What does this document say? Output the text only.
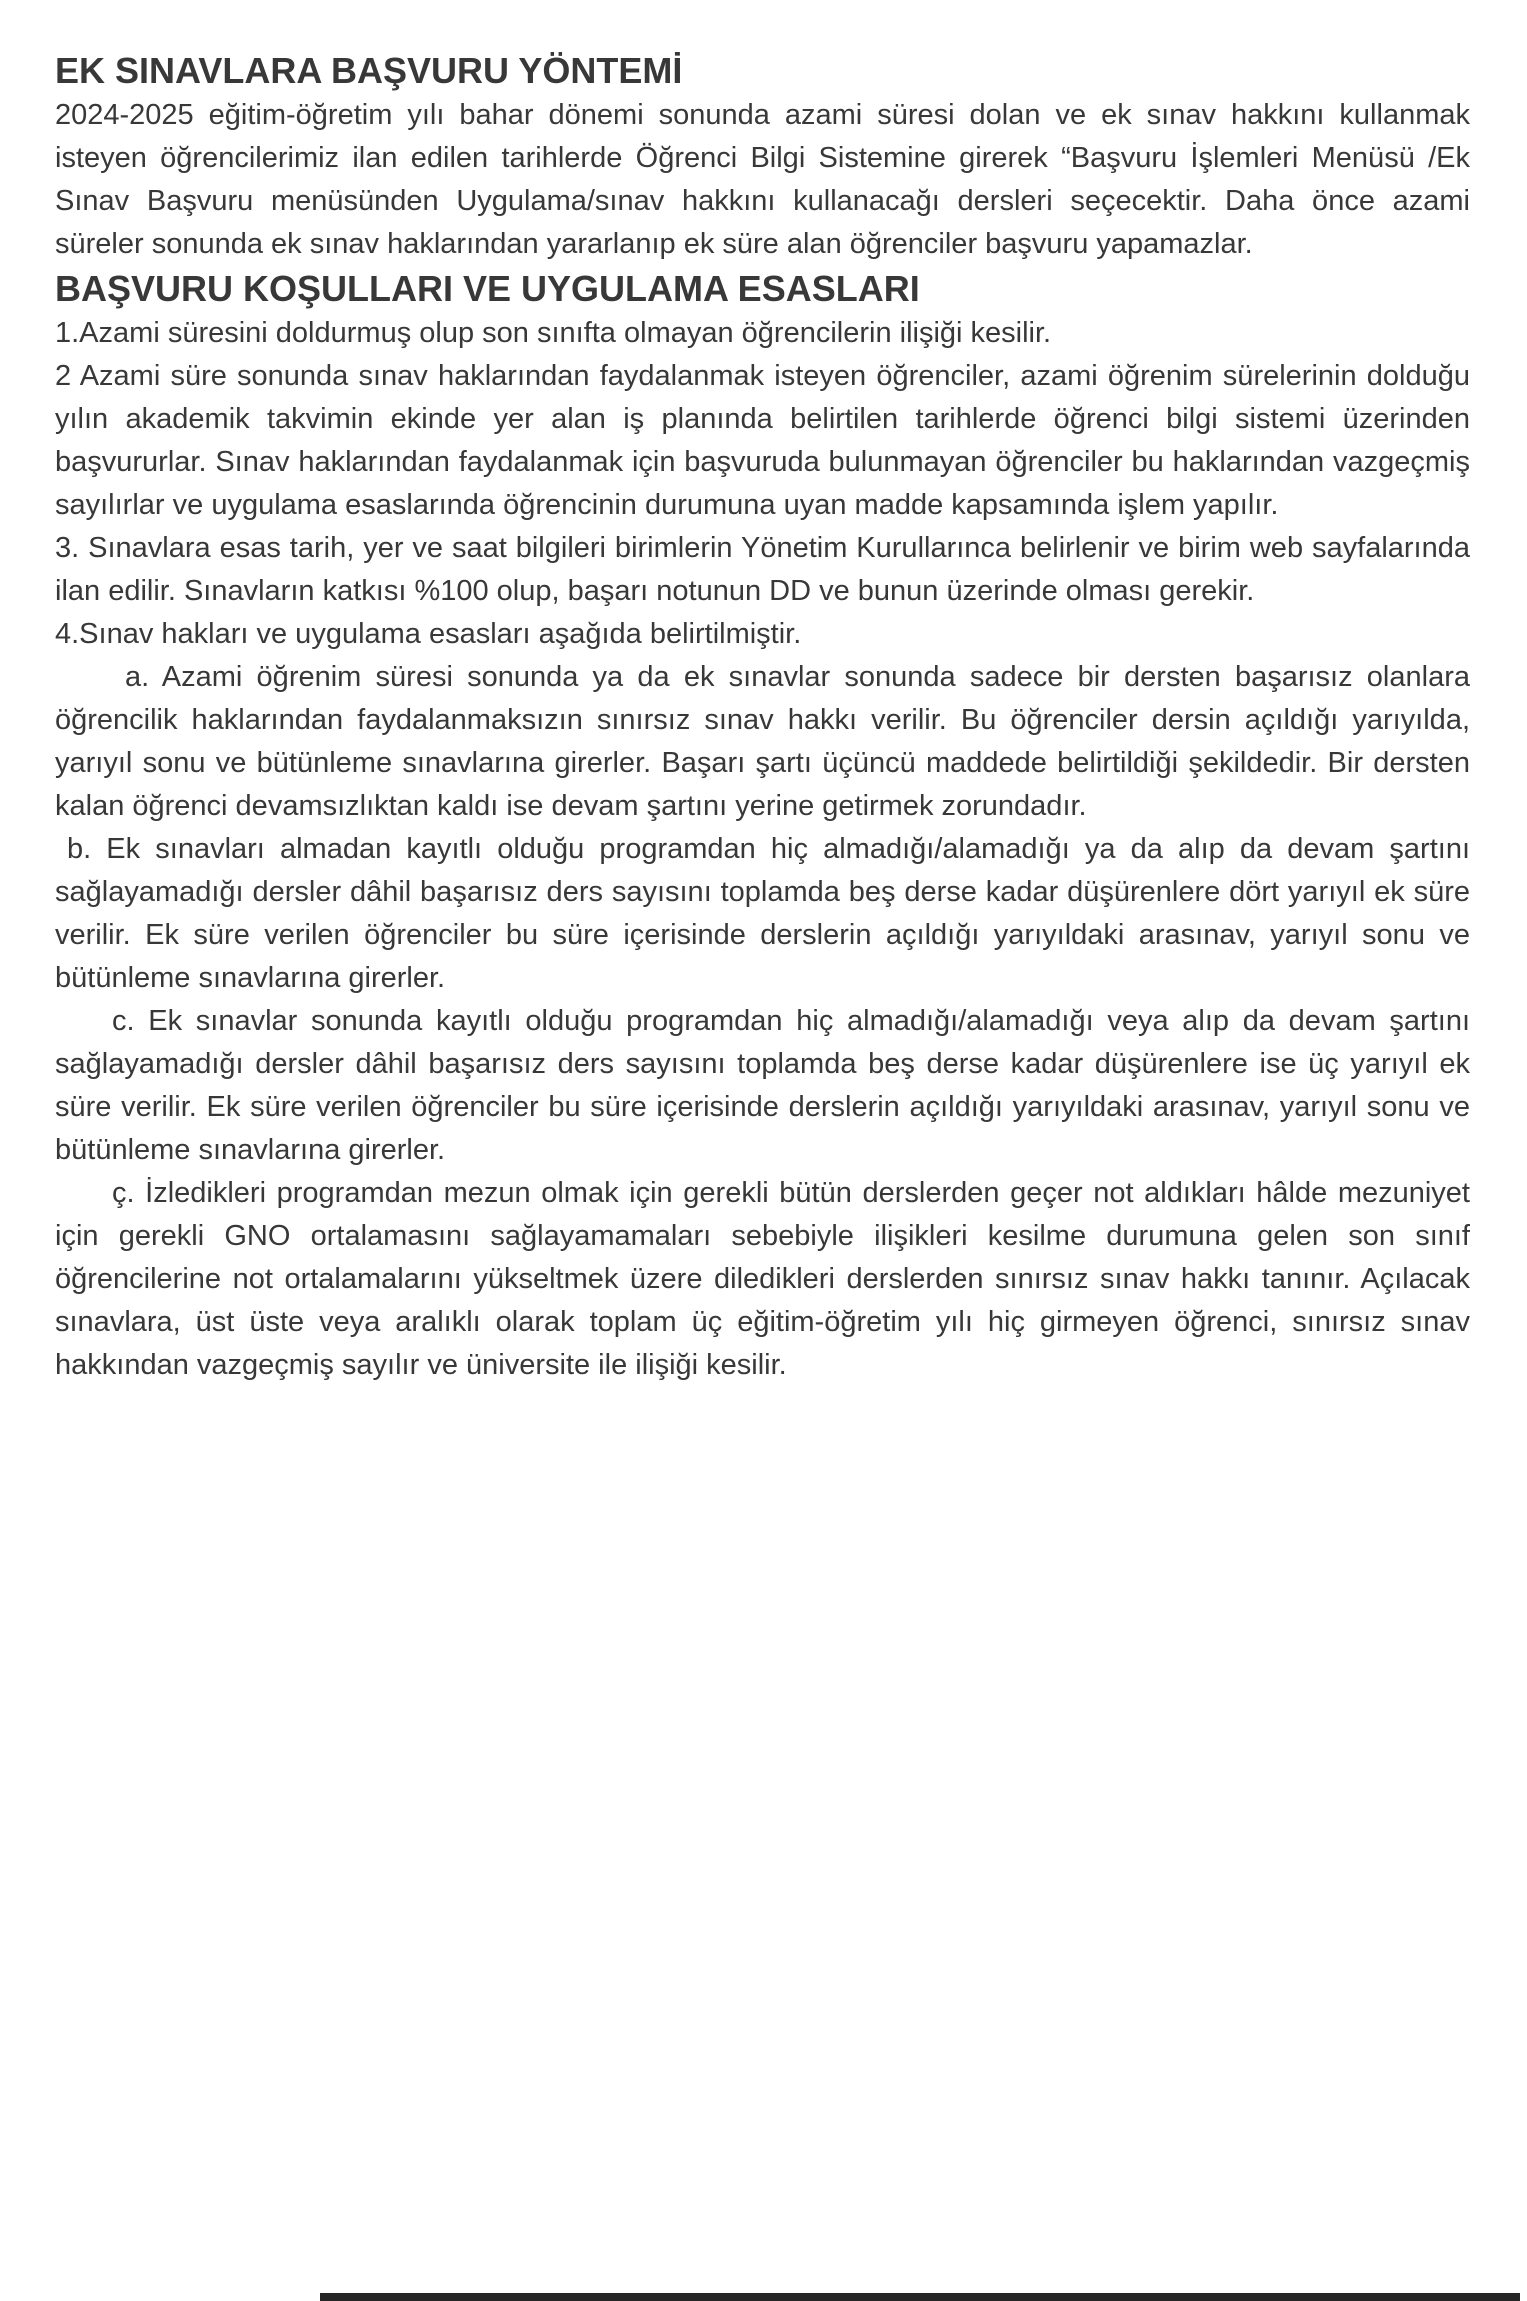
EK SINAVLARA BAŞVURU YÖNTEMİ

2024-2025 eğitim-öğretim yılı bahar dönemi sonunda azami süresi dolan ve ek sınav hakkını kullanmak isteyen öğrencilerimiz ilan edilen tarihlerde Öğrenci Bilgi Sistemine girerek “Başvuru İşlemleri Menüsü /Ek Sınav Başvuru menüsünden Uygulama/sınav hakkını kullanacağı dersleri seçecektir. Daha önce azami süreler sonunda ek sınav haklarından yararlanıp ek süre alan öğrenciler başvuru yapamazlar.

BAŞVURU KOŞULLARI VE UYGULAMA ESASLARI

1.Azami süresini doldurmuş olup son sınıfta olmayan öğrencilerin ilişiği kesilir.

2 Azami süre sonunda sınav haklarından faydalanmak isteyen öğrenciler, azami öğrenim sürelerinin dolduğu yılın akademik takvimin ekinde yer alan iş planında belirtilen tarihlerde öğrenci bilgi sistemi üzerinden başvururlar. Sınav haklarından faydalanmak için başvuruda bulunmayan öğrenciler bu haklarından vazgeçmiş sayılırlar ve uygulama esaslarında öğrencinin durumuna uyan madde kapsamında işlem yapılır.

3. Sınavlara esas tarih, yer ve saat bilgileri birimlerin Yönetim Kurullarınca belirlenir ve birim web sayfalarında ilan edilir. Sınavların katkısı %100 olup, başarı notunun DD ve bunun üzerinde olması gerekir.

4.Sınav hakları ve uygulama esasları aşağıda belirtilmiştir.

a. Azami öğrenim süresi sonunda ya da ek sınavlar sonunda sadece bir dersten başarısız olanlara öğrencilik haklarından faydalanmaksızın sınırsız sınav hakkı verilir. Bu öğrenciler dersin açıldığı yarıyılda, yarıyıl sonu ve bütünleme sınavlarına girerler. Başarı şartı üçüncü maddede belirtildiği şekildedir. Bir dersten kalan öğrenci devamsızlıktan kaldı ise devam şartını yerine getirmek zorundadır.

b. Ek sınavları almadan kayıtlı olduğu programdan hiç almadığı/alamadığı ya da alıp da devam şartını sağlayamadığı dersler dâhil başarısız ders sayısını toplamda beş derse kadar düşürenlere dört yarıyıl ek süre verilir. Ek süre verilen öğrenciler bu süre içerisinde derslerin açıldığı yarıyıldaki arasınav, yarıyıl sonu ve bütünleme sınavlarına girerler.

c. Ek sınavlar sonunda kayıtlı olduğu programdan hiç almadığı/alamadığı veya alıp da devam şartını sağlayamadığı dersler dâhil başarısız ders sayısını toplamda beş derse kadar düşürenlere ise üç yarıyıl ek süre verilir. Ek süre verilen öğrenciler bu süre içerisinde derslerin açıldığı yarıyıldaki arasınav, yarıyıl sonu ve bütünleme sınavlarına girerler.

ç. İzledikleri programdan mezun olmak için gerekli bütün derslerden geçer not aldıkları hâlde mezuniyet için gerekli GNO ortalamasını sağlayamamaları sebebiyle ilişikleri kesilme durumuna gelen son sınıf öğrencilerine not ortalamalarını yükseltmek üzere diledikleri derslerden sınırsız sınav hakkı tanınır. Açılacak sınavlara, üst üste veya aralıklı olarak toplam üç eğitim-öğretim yılı hiç girmeyen öğrenci, sınırsız sınav hakkından vazgeçmiş sayılır ve üniversite ile ilişiği kesilir.
